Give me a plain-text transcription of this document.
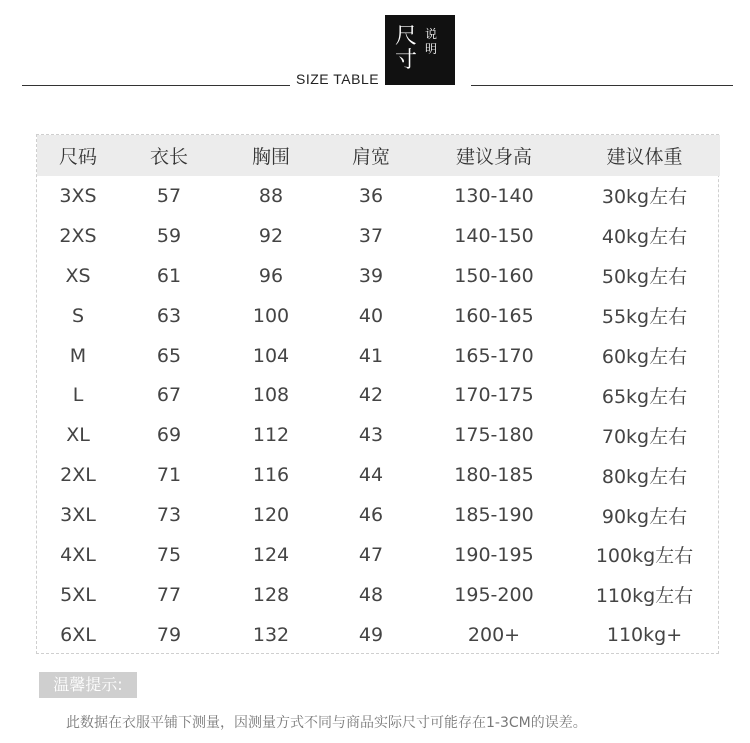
SIZE TABLE
尺寸
说明
尺码	衣长	胸围	肩宽	建议身高	建议体重
3XS	57	88	36	130-140	30kg左右
2XS	59	92	37	140-150	40kg左右
XS	61	96	39	150-160	50kg左右
S	63	100	40	160-165	55kg左右
M	65	104	41	165-170	60kg左右
L	67	108	42	170-175	65kg左右
XL	69	112	43	175-180	70kg左右
2XL	71	116	44	180-185	80kg左右
3XL	73	120	46	185-190	90kg左右
4XL	75	124	47	190-195	100kg左右
5XL	77	128	48	195-200	110kg左右
6XL	79	132	49	200+	110kg+
温馨提示:
此数据在衣服平铺下测量，因测量方式不同与商品实际尺寸可能存在1-3CM的误差。
